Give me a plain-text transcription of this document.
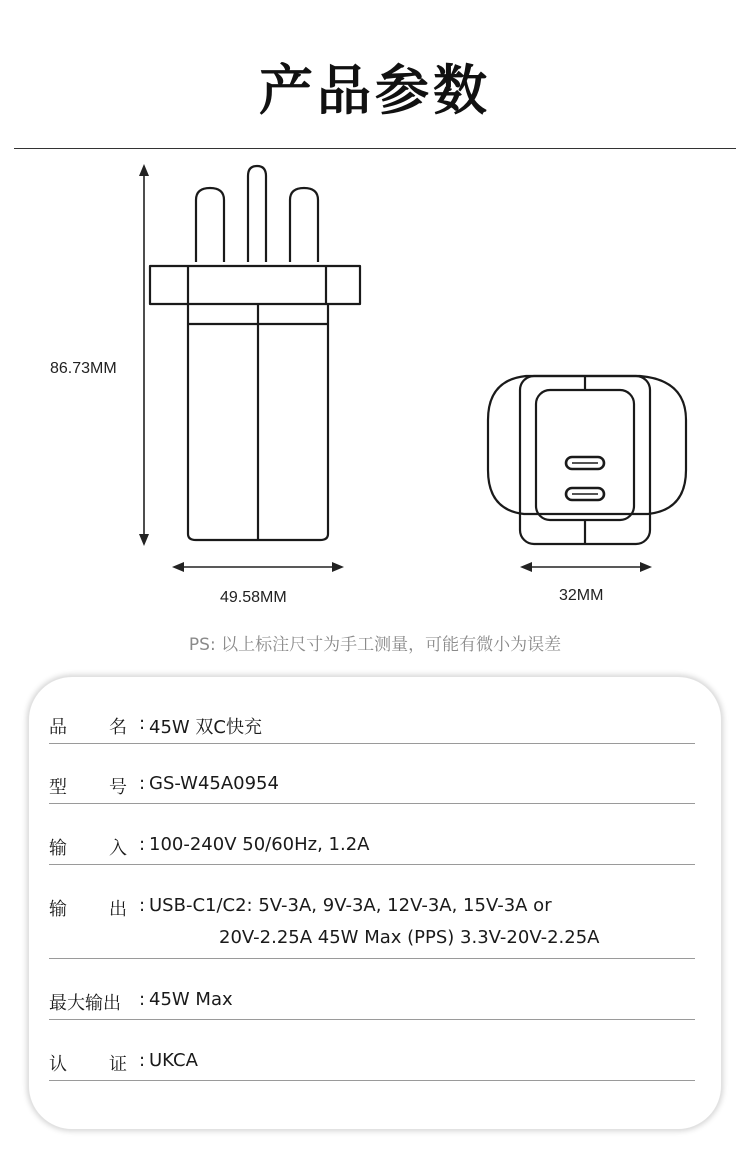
产品参数
86.73MM
49.58MM	32MM
PS: 以上标注尺寸为手工测量，可能有微小为误差
品 名 : 45W 双C快充
型 号 : GS-W45A0954
输 入 : 100-240V 50/60Hz, 1.2A
输 出 : USB-C1/C2: 5V-3A, 9V-3A, 12V-3A, 15V-3A or
20V-2.25A 45W Max (PPS) 3.3V-20V-2.25A
最大输出 : 45W Max
认 证 : UKCA
